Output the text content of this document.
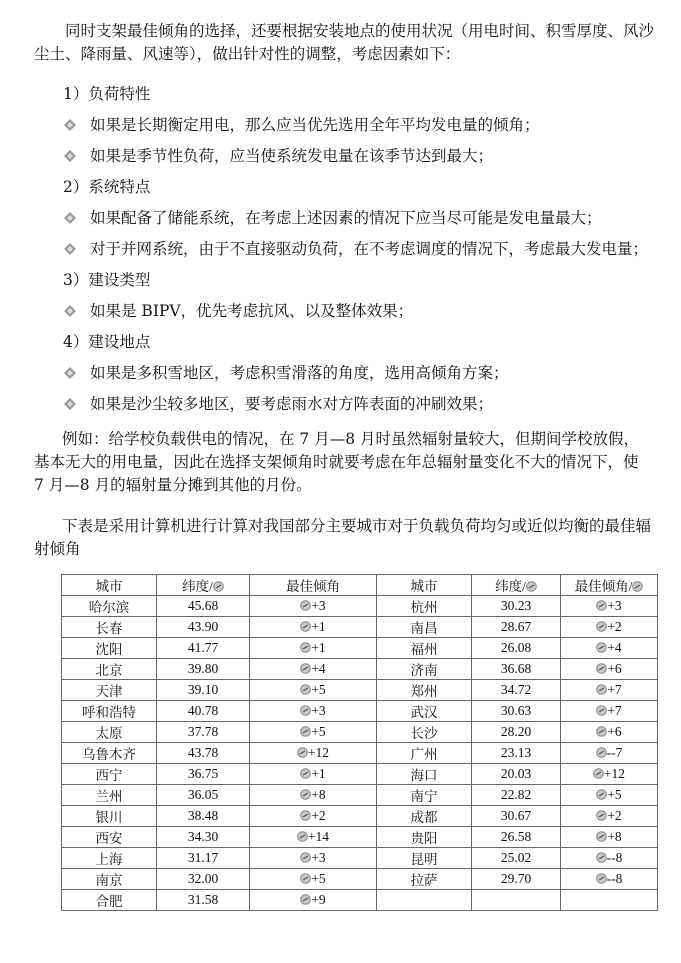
同时支架最佳倾角的选择，还要根据安装地点的使用状况（用电时间、积雪厚度、风沙尘土、降雨量、风速等），做出针对性的调整，考虑因素如下：

1）负荷特性
如果是长期衡定用电，那么应当优先选用全年平均发电量的倾角；
如果是季节性负荷，应当使系统发电量在该季节达到最大；
2）系统特点
如果配备了储能系统，在考虑上述因素的情况下应当尽可能是发电量最大；
对于并网系统，由于不直接驱动负荷，在不考虑调度的情况下，考虑最大发电量；
3）建设类型
如果是 BIPV，优先考虑抗风、以及整体效果；
4）建设地点
如果是多积雪地区，考虑积雪滑落的角度，选用高倾角方案；
如果是沙尘较多地区，要考虑雨水对方阵表面的冲刷效果；
例如：给学校负载供电的情况，在 7 月—8 月时虽然辐射量较大，但期间学校放假，
基本无大的用电量，因此在选择支架倾角时就要考虑在年总辐射量变化不大的情况下，使
7 月—8 月的辐射量分摊到其他的月份。

下表是采用计算机进行计算对我国部分主要城市对于负载负荷均匀或近似均衡的最佳辐射倾角

城市	纬度/	最佳倾角	城市	纬度/	最佳倾角/
哈尔滨	45.68	+3	杭州	30.23	+3
长春	43.90	+1	南昌	28.67	+2
沈阳	41.77	+1	福州	26.08	+4
北京	39.80	+4	济南	36.68	+6
天津	39.10	+5	郑州	34.72	+7
呼和浩特	40.78	+3	武汉	30.63	+7
太原	37.78	+5	长沙	28.20	+6
乌鲁木齐	43.78	+12	广州	23.13	--7
西宁	36.75	+1	海口	20.03	+12
兰州	36.05	+8	南宁	22.82	+5
银川	38.48	+2	成都	30.67	+2
西安	34.30	+14	贵阳	26.58	+8
上海	31.17	+3	昆明	25.02	--8
南京	32.00	+5	拉萨	29.70	--8
合肥	31.58	+9			
